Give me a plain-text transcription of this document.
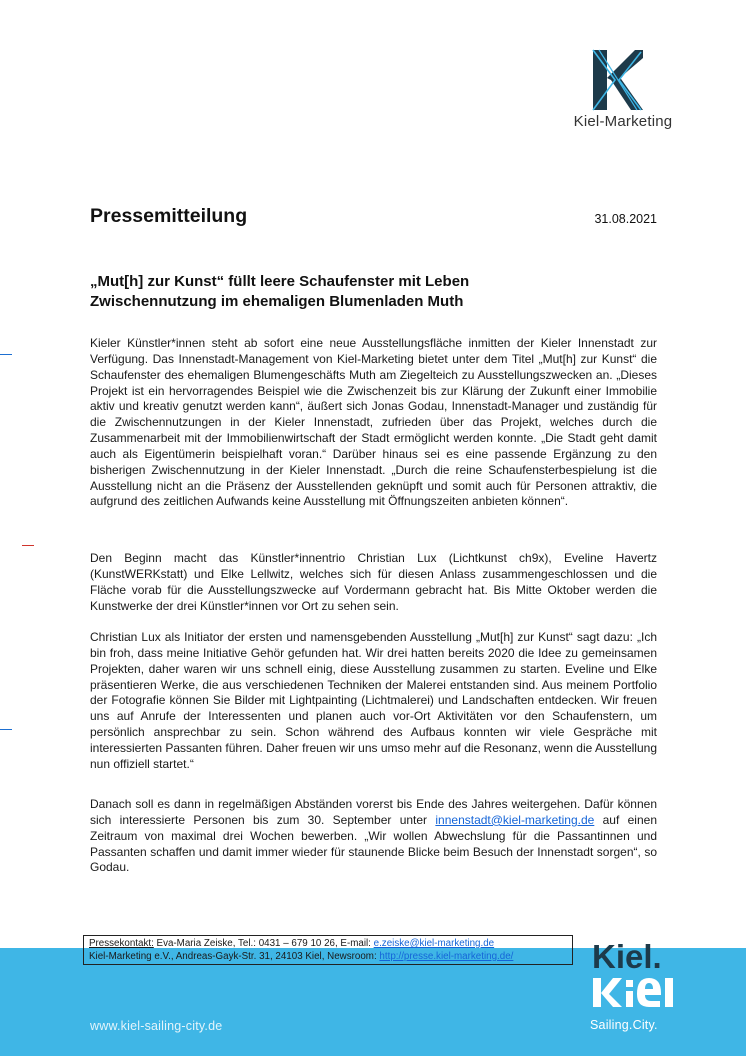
Kiel-Marketing
Pressemitteilung	31.08.2021
„Mut[h] zur Kunst“ füllt leere Schaufenster mit Leben
Zwischennutzung im ehemaligen Blumenladen Muth
Kieler Künstler*innen steht ab sofort eine neue Ausstellungsfläche inmitten der Kieler Innenstadt zur Verfügung. Das Innenstadt-Management von Kiel-Marketing bietet unter dem Titel „Mut[h] zur Kunst“ die Schaufenster des ehemaligen Blumengeschäfts Muth am Ziegelteich zu Ausstellungszwecken an. „Dieses Projekt ist ein hervorragendes Beispiel wie die Zwischenzeit bis zur Klärung der Zukunft einer Immobilie aktiv und kreativ genutzt werden kann“, äußert sich Jonas Godau, Innenstadt-Manager und zuständig für die Zwischennutzungen in der Kieler Innenstadt, zufrieden über das Projekt, welches durch die Zusammenarbeit mit der Immobilienwirtschaft der Stadt ermöglicht werden konnte. „Die Stadt geht damit auch als Eigentümerin beispielhaft voran.“ Darüber hinaus sei es eine passende Ergänzung zu den bisherigen Zwischennutzung in der Kieler Innenstadt. „Durch die reine Schaufensterbespielung ist die Ausstellung nicht an die Präsenz der Ausstellenden geknüpft und somit auch für Personen attraktiv, die aufgrund des zeitlichen Aufwands keine Ausstellung mit Öffnungszeiten anbieten können“.
Den Beginn macht das Künstler*innentrio Christian Lux (Lichtkunst ch9x), Eveline Havertz (KunstWERKstatt) und Elke Lellwitz, welches sich für diesen Anlass zusammengeschlossen und die Fläche vorab für die Ausstellungszwecke auf Vordermann gebracht hat. Bis Mitte Oktober werden die Kunstwerke der drei Künstler*innen vor Ort zu sehen sein.
Christian Lux als Initiator der ersten und namensgebenden Ausstellung „Mut[h] zur Kunst“ sagt dazu: „Ich bin froh, dass meine Initiative Gehör gefunden hat. Wir drei hatten bereits 2020 die Idee zu gemeinsamen Projekten, daher waren wir uns schnell einig, diese Ausstellung zusammen zu starten. Eveline und Elke präsentieren Werke, die aus verschiedenen Techniken der Malerei entstanden sind. Aus meinem Portfolio der Fotografie können Sie Bilder mit Lightpainting (Lichtmalerei) und Landschaften entdecken. Wir freuen uns auf Anrufe der Interessenten und planen auch vor-Ort Aktivitäten vor den Schaufenstern, um persönlich ansprechbar zu sein. Schon während des Aufbaus konnten wir viele Gespräche mit interessierten Passanten führen. Daher freuen wir uns umso mehr auf die Resonanz, wenn die Ausstellung nun offiziell startet.“
Danach soll es dann in regelmäßigen Abständen vorerst bis Ende des Jahres weitergehen. Dafür können sich interessierte Personen bis zum 30. September unter innenstadt@kiel-marketing.de auf einen Zeitraum von maximal drei Wochen bewerben. „Wir wollen Abwechslung für die Passantinnen und Passanten schaffen und damit immer wieder für staunende Blicke beim Besuch der Innenstadt sorgen“, so Godau.
Pressekontakt: Eva-Maria Zeiske, Tel.: 0431 – 679 10 26, E-mail: e.zeiske@kiel-marketing.de
Kiel-Marketing e.V., Andreas-Gayk-Str. 31, 24103 Kiel, Newsroom: http://presse.kiel-marketing.de/
www.kiel-sailing-city.de
Kiel.
Sailing.City.
